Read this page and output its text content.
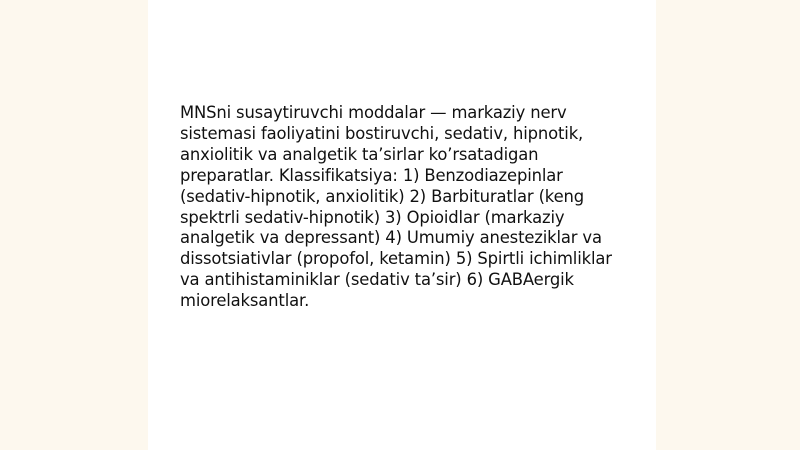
MNSni susaytiruvchi moddalar — markaziy nerv sistemasi faoliyatini bostiruvchi, sedativ, hipnotik, anxiolitik va analgetik ta’sirlar ko’rsatadigan preparatlar. Klassifikatsiya: 1) Benzodiazepinlar (sedativ-hipnotik, anxiolitik) 2) Barbituratlar (keng spektrli sedativ-hipnotik) 3) Opioidlar (markaziy analgetik va depressant) 4) Umumiy anesteziklar va dissotsiativlar (propofol, ketamin) 5) Spirtli ichimliklar va antihistaminiklar (sedativ ta’sir) 6) GABAergik miorelaksantlar.
